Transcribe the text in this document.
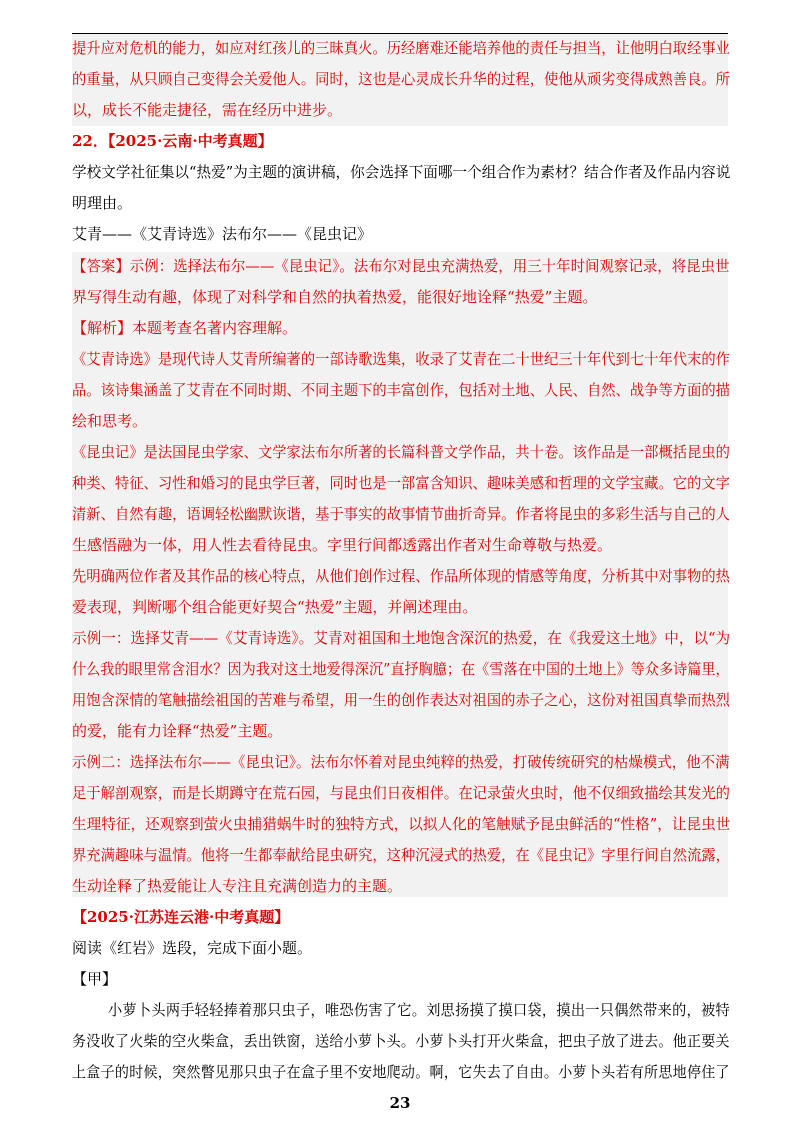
提升应对危机的能力，如应对红孩儿的三昧真火。历经磨难还能培养他的责任与担当，让他明白取经事业
的重量，从只顾自己变得会关爱他人。同时，这也是心灵成长升华的过程，使他从顽劣变得成熟善良。所
以，成长不能走捷径，需在经历中进步。
22．【2025·云南·中考真题】
学校文学社征集以“热爱”为主题的演讲稿，你会选择下面哪一个组合作为素材？结合作者及作品内容说
明理由。
艾青——《艾青诗选》法布尔——《昆虫记》
【答案】示例：选择法布尔——《昆虫记》。法布尔对昆虫充满热爱，用三十年时间观察记录，将昆虫世
界写得生动有趣，体现了对科学和自然的执着热爱，能很好地诠释“热爱”主题。
【解析】本题考查名著内容理解。
《艾青诗选》是现代诗人艾青所编著的一部诗歌选集，收录了艾青在二十世纪三十年代到七十年代末的作
品。该诗集涵盖了艾青在不同时期、不同主题下的丰富创作，包括对土地、人民、自然、战争等方面的描
绘和思考。
《昆虫记》是法国昆虫学家、文学家法布尔所著的长篇科普文学作品，共十卷。该作品是一部概括昆虫的
种类、特征、习性和婚习的昆虫学巨著，同时也是一部富含知识、趣味美感和哲理的文学宝藏。它的文字
清新、自然有趣，语调轻松幽默诙谐，基于事实的故事情节曲折奇异。作者将昆虫的多彩生活与自己的人
生感悟融为一体，用人性去看待昆虫。字里行间都透露出作者对生命尊敬与热爱。
先明确两位作者及其作品的核心特点，从他们创作过程、作品所体现的情感等角度，分析其中对事物的热
爱表现，判断哪个组合能更好契合“热爱”主题，并阐述理由。
示例一：选择艾青——《艾青诗选》。艾青对祖国和土地饱含深沉的热爱，在《我爱这土地》中，以“为
什么我的眼里常含泪水？因为我对这土地爱得深沉”直抒胸臆；在《雪落在中国的土地上》等众多诗篇里，
用饱含深情的笔触描绘祖国的苦难与希望，用一生的创作表达对祖国的赤子之心，这份对祖国真挚而热烈
的爱，能有力诠释“热爱”主题。
示例二：选择法布尔——《昆虫记》。法布尔怀着对昆虫纯粹的热爱，打破传统研究的枯燥模式，他不满
足于解剖观察，而是长期蹲守在荒石园，与昆虫们日夜相伴。在记录萤火虫时，他不仅细致描绘其发光的
生理特征，还观察到萤火虫捕猎蜗牛时的独特方式，以拟人化的笔触赋予昆虫鲜活的“性格”，让昆虫世
界充满趣味与温情。他将一生都奉献给昆虫研究，这种沉浸式的热爱，在《昆虫记》字里行间自然流露，
生动诠释了热爱能让人专注且充满创造力的主题。
【2025·江苏连云港·中考真题】
阅读《红岩》选段，完成下面小题。
【甲】
小萝卜头两手轻轻捧着那只虫子，唯恐伤害了它。刘思扬摸了摸口袋，摸出一只偶然带来的，被特
务没收了火柴的空火柴盒，丢出铁窗，送给小萝卜头。小萝卜头打开火柴盒，把虫子放了进去。他正要关
上盒子的时候，突然瞥见那只虫子在盒子里不安地爬动。啊，它失去了自由。小萝卜头若有所思地停住了
23
